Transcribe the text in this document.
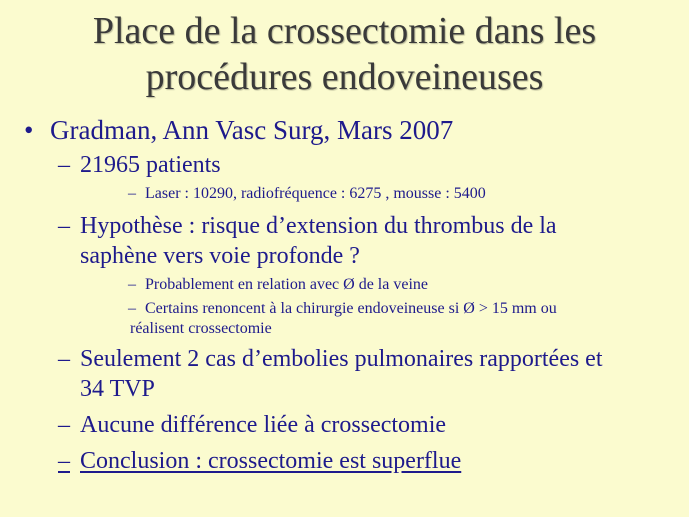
Place de la crossectomie dans les
procédures endoveineuses
• Gradman, Ann Vasc Surg, Mars 2007
– 21965 patients
– Laser : 10290, radiofréquence : 6275 , mousse : 5400
– Hypothèse : risque d’extension du thrombus de la
saphène vers voie profonde ?
– Probablement en relation avec Ø de la veine
– Certains renoncent à la chirurgie endoveineuse si Ø > 15 mm ou
réalisent crossectomie
– Seulement 2 cas d’embolies pulmonaires rapportées et
34 TVP
– Aucune différence liée à crossectomie
– Conclusion : crossectomie est superflue
